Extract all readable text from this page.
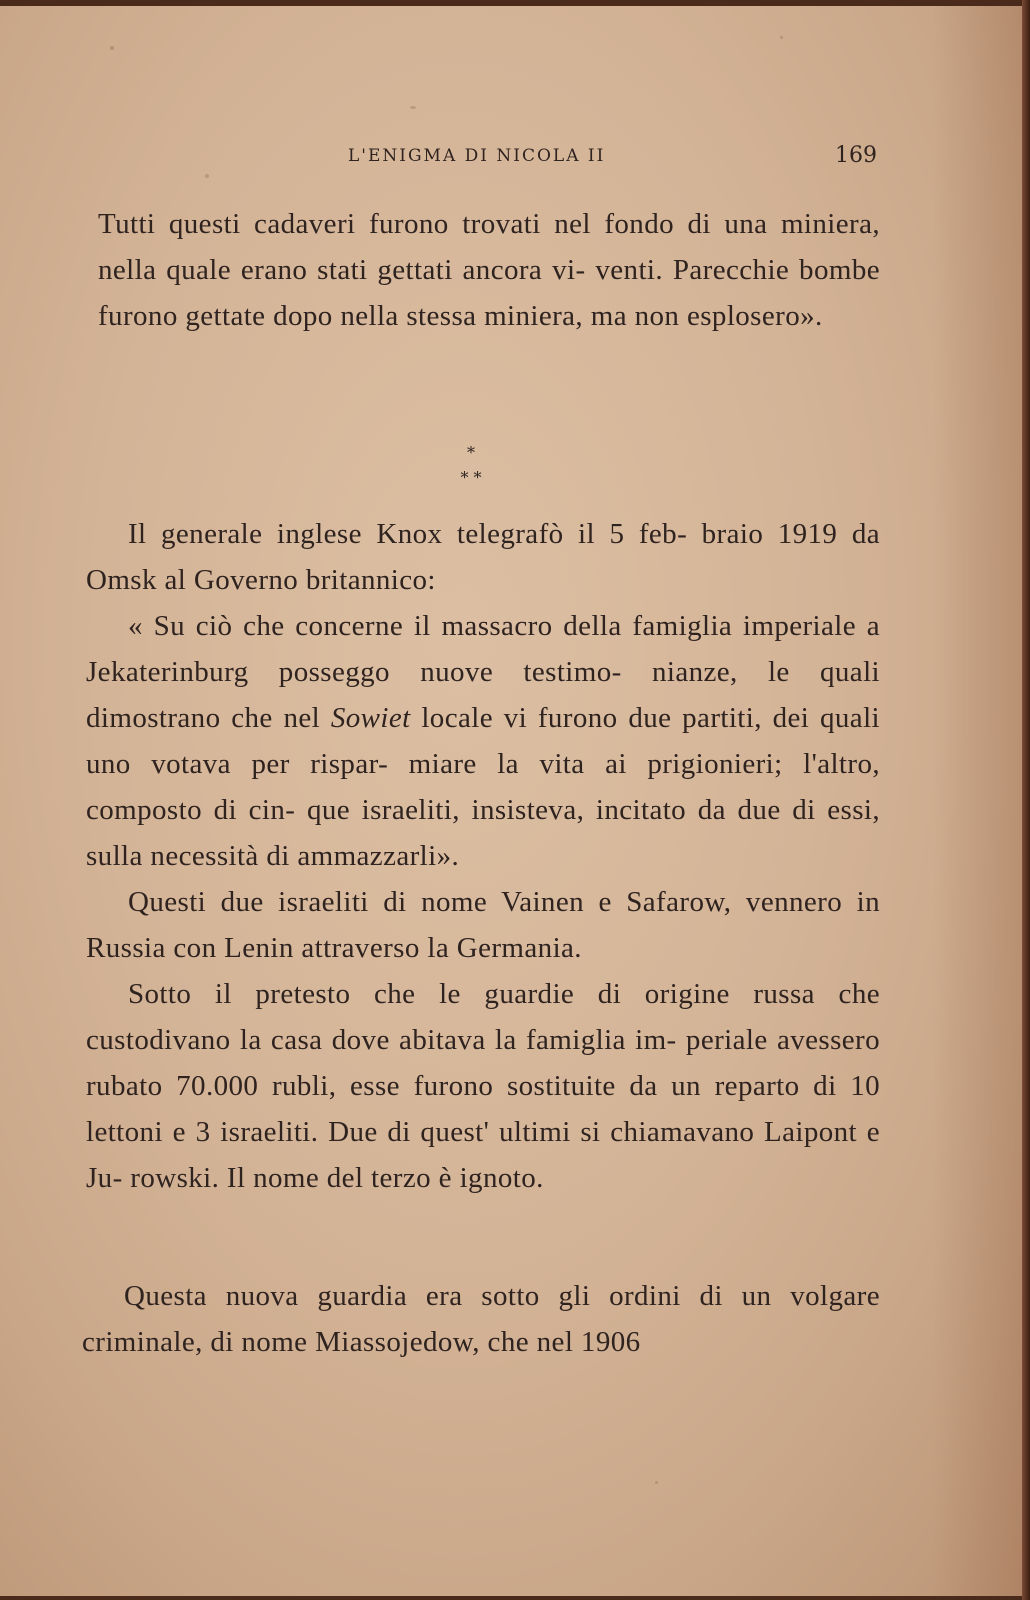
L'ENIGMA DI NICOLA II	169

Tutti questi cadaveri furono trovati nel fondo di una miniera, nella quale erano stati gettati ancora vi- venti. Parecchie bombe furono gettate dopo nella stessa miniera, ma non esplosero».

*
* *

Il generale inglese Knox telegrafò il 5 feb- braio 1919 da Omsk al Governo britannico:

« Su ciò che concerne il massacro della famiglia imperiale a Jekaterinburg posseggo nuove testimo- nianze, le quali dimostrano che nel Sowiet locale vi furono due partiti, dei quali uno votava per rispar- miare la vita ai prigionieri; l'altro, composto di cin- que israeliti, insisteva, incitato da due di essi, sulla necessità di ammazzarli».

Questi due israeliti di nome Vainen e Safarow, vennero in Russia con Lenin attraverso la Germania.

Sotto il pretesto che le guardie di origine russa che custodivano la casa dove abitava la famiglia im- periale avessero rubato 70.000 rubli, esse furono sostituite da un reparto di 10 lettoni e 3 israeliti. Due di quest' ultimi si chiamavano Laipont e Ju- rowski. Il nome del terzo è ignoto.

Questa nuova guardia era sotto gli ordini di un volgare criminale, di nome Miassojedow, che nel 1906
